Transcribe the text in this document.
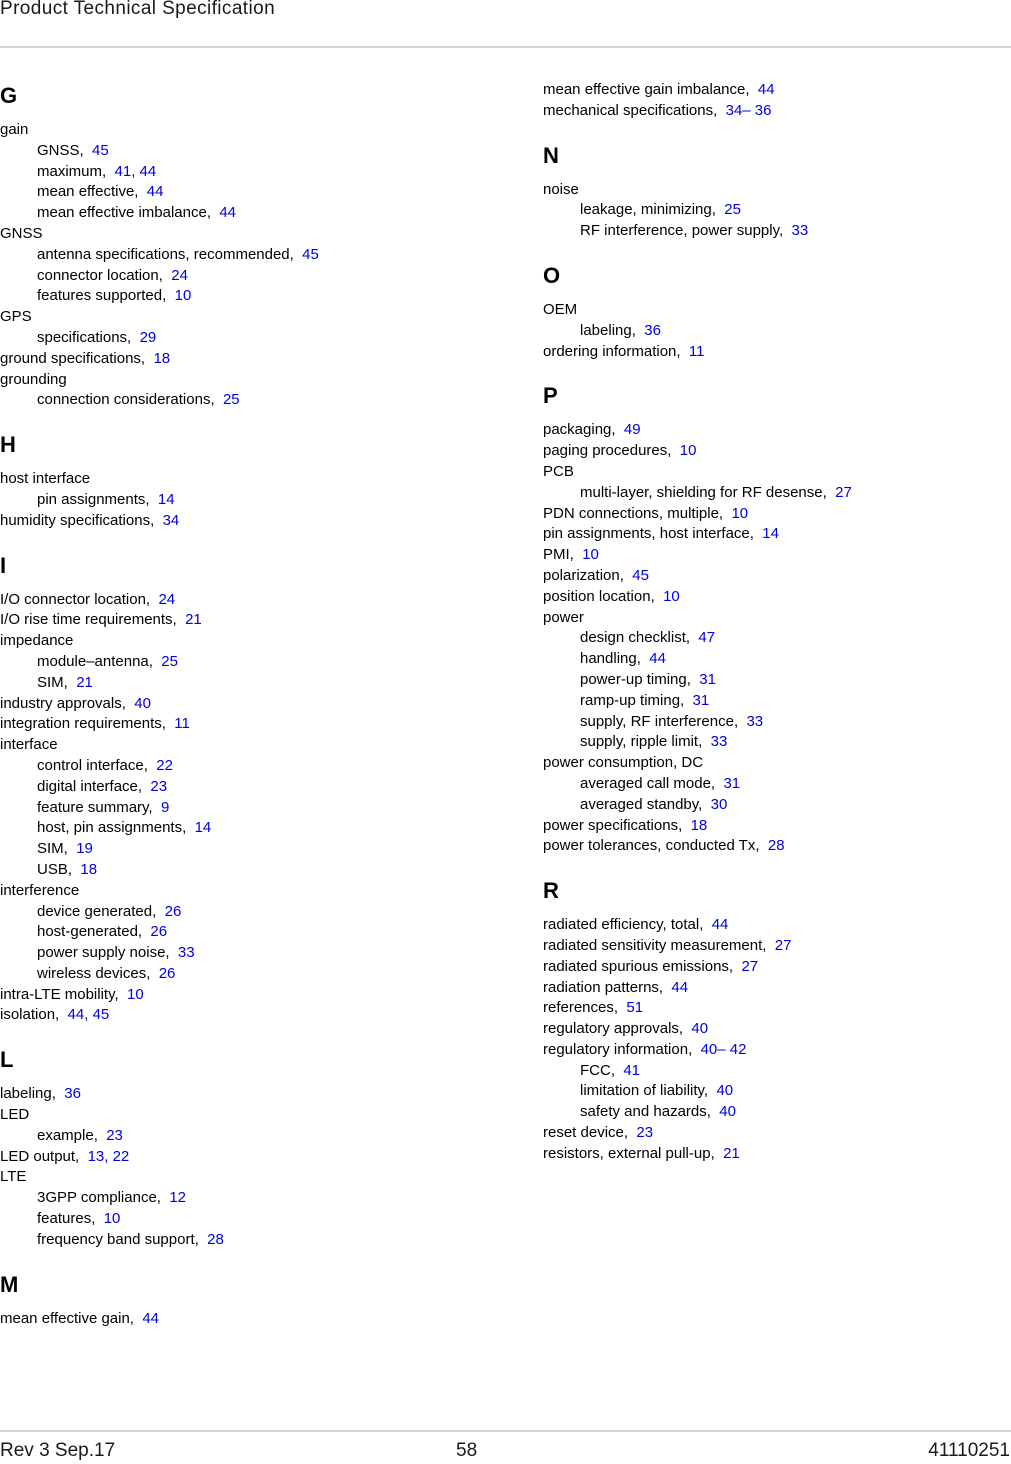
Product Technical Specification
G
gain
GNSS, 45
maximum, 41, 44
mean effective, 44
mean effective imbalance, 44
GNSS
antenna specifications, recommended, 45
connector location, 24
features supported, 10
GPS
specifications, 29
ground specifications, 18
grounding
connection considerations, 25
H
host interface
pin assignments, 14
humidity specifications, 34
I
I/O connector location, 24
I/O rise time requirements, 21
impedance
module–antenna, 25
SIM, 21
industry approvals, 40
integration requirements, 11
interface
control interface, 22
digital interface, 23
feature summary, 9
host, pin assignments, 14
SIM, 19
USB, 18
interference
device generated, 26
host-generated, 26
power supply noise, 33
wireless devices, 26
intra-LTE mobility, 10
isolation, 44, 45
L
labeling, 36
LED
example, 23
LED output, 13, 22
LTE
3GPP compliance, 12
features, 10
frequency band support, 28
M
mean effective gain, 44
mean effective gain imbalance, 44
mechanical specifications, 34– 36
N
noise
leakage, minimizing, 25
RF interference, power supply, 33
O
OEM
labeling, 36
ordering information, 11
P
packaging, 49
paging procedures, 10
PCB
multi-layer, shielding for RF desense, 27
PDN connections, multiple, 10
pin assignments, host interface, 14
PMI, 10
polarization, 45
position location, 10
power
design checklist, 47
handling, 44
power-up timing, 31
ramp-up timing, 31
supply, RF interference, 33
supply, ripple limit, 33
power consumption, DC
averaged call mode, 31
averaged standby, 30
power specifications, 18
power tolerances, conducted Tx, 28
R
radiated efficiency, total, 44
radiated sensitivity measurement, 27
radiated spurious emissions, 27
radiation patterns, 44
references, 51
regulatory approvals, 40
regulatory information, 40– 42
FCC, 41
limitation of liability, 40
safety and hazards, 40
reset device, 23
resistors, external pull-up, 21
Rev 3 Sep.17	58	41110251
